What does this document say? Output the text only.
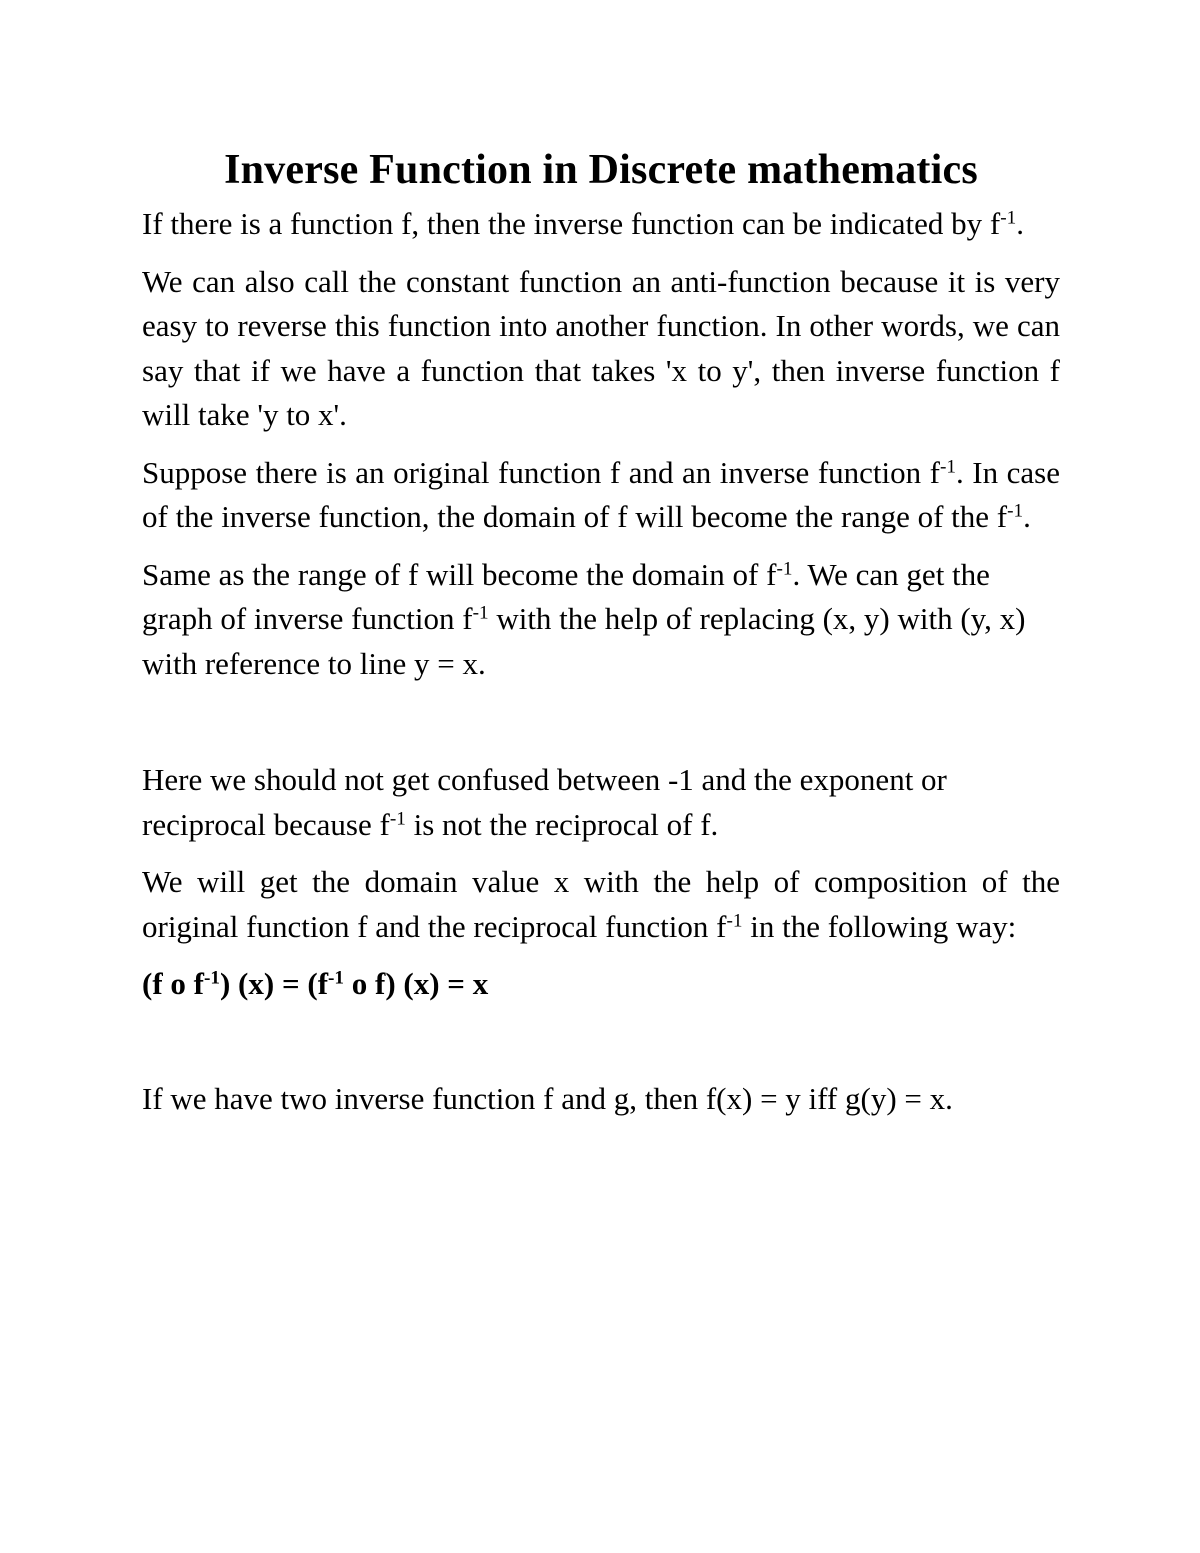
Inverse Function in Discrete mathematics

If there is a function f, then the inverse function can be indicated by $f^{-1}$.

We can also call the constant function an anti-function because it is very easy to reverse this function into another function. In other words, we can say that if we have a function that takes 'x to y', then inverse function f will take 'y to x'.

Suppose there is an original function f and an inverse function $f^{-1}$. In case of the inverse function, the domain of f will become the range of the $f^{-1}$.

Same as the range of f will become the domain of $f^{-1}$. We can get the graph of inverse function $f^{-1}$ with the help of replacing (x, y) with (y, x) with reference to line y = x.

Here we should not get confused between -1 and the exponent or reciprocal because $f^{-1}$ is not the reciprocal of f.

We will get the domain value x with the help of composition of the original function f and the reciprocal function $f^{-1}$ in the following way:

(f o $f^{-1}$) $(x) = (f^{-1}$ o f) (x) = x

If we have two inverse function f and g, then f(x) = y iff g(y) = x.
